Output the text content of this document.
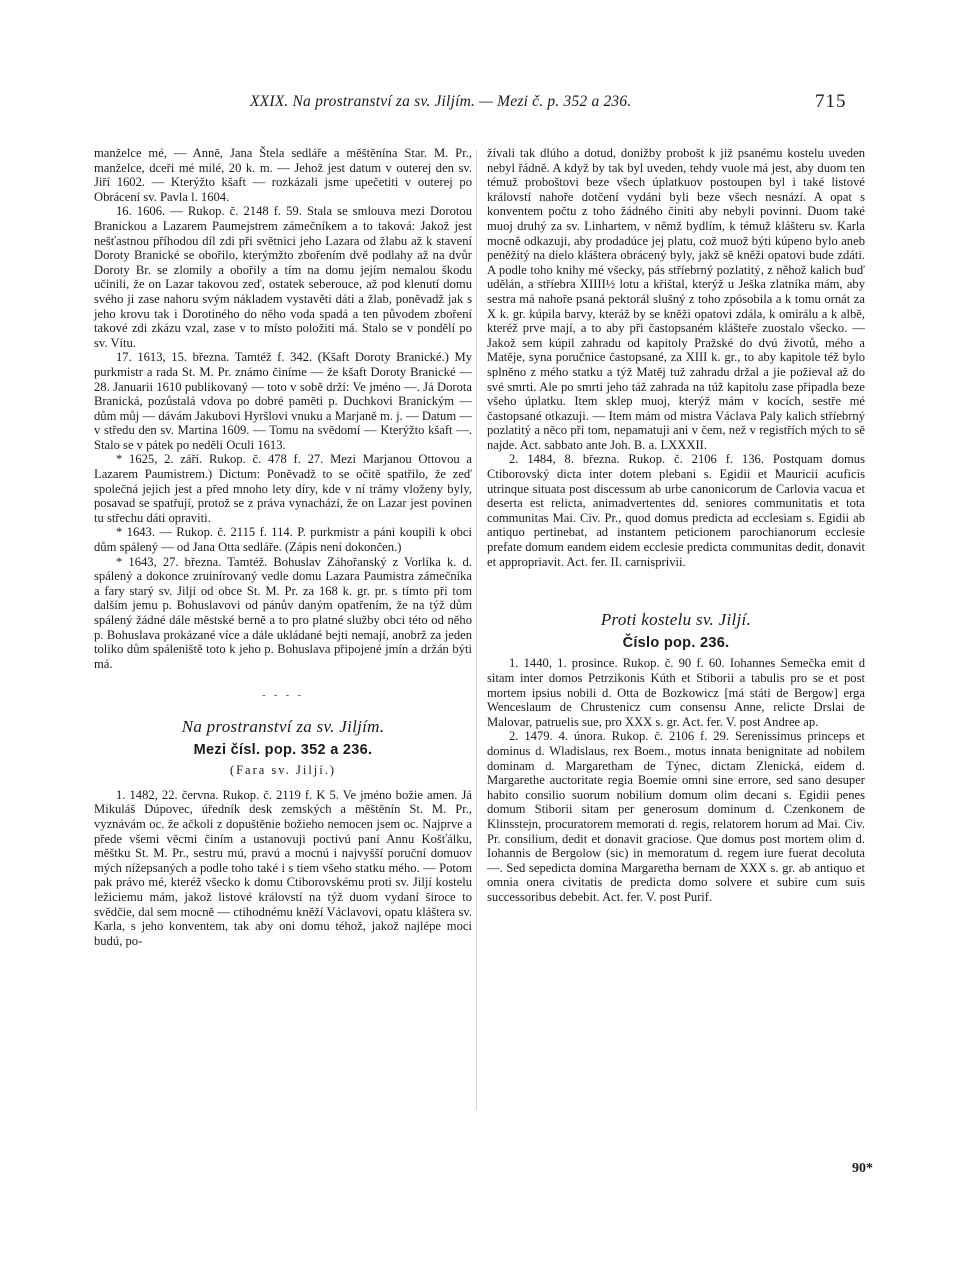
XXIX. Na prostranství za sv. Jiljím. — Mezi č. p. 352 a 236.	715

manželce mé, — Anně, Jana Štela sedláře a měštěnína Star. M. Pr., manželce, dceři mé milé, 20 k. m. — Jehož jest datum v outerej den sv. Jiří 1602. — Kterýžto kšaft — rozkázali jsme upečetiti v outerej po Obrácení sv. Pavla l. 1604.

16. 1606. — Rukop. č. 2148 f. 59. Stala se smlouva mezi Dorotou Branickou a Lazarem Paumejstrem zámečníkem a to taková: Jakož jest nešťastnou příhodou díl zdi při světnici jeho Lazara od žlabu až k stavení Doroty Branické se obořilo, kterýmžto zbořením dvě podlahy až na dvůr Doroty Br. se zlomily a obořily a tím na domu jejím nemalou škodu učinili, že on Lazar takovou zeď, ostatek seberouce, až pod klenutí domu svého ji zase nahoru svým nákladem vystavěti dáti a žlab, poněvadž jak s jeho krovu tak i Dorotiného do něho voda spadá a ten původem zboření takové zdi zkázu vzal, zase v to místo položiti má. Stalo se v pondělí po sv. Vítu.

17. 1613, 15. března. Tamtéž f. 342. (Kšaft Doroty Branické.) My purkmistr a rada St. M. Pr. známo činíme — že kšaft Doroty Branické — 28. Januarii 1610 publikovaný — toto v sobě drží: Ve jméno —. Já Dorota Branická, pozůstalá vdova po dobré paměti p. Duchkovi Branickým — dům můj — dávám Jakubovi Hyršlovi vnuku a Marjaně m. j. — Datum — v středu den sv. Martina 1609. — Tomu na svědomí — Kterýžto kšaft —. Stalo se v pátek po neděli Oculi 1613.

* 1625, 2. září. Rukop. č. 478 f. 27. Mezi Marjanou Ottovou a Lazarem Paumistrem.) Dictum: Poněvadž to se očitě spatřilo, že zeď společná jejich jest a před mnoho lety díry, kde v ní trámy vloženy byly, posavad se spatřují, protož se z práva vynachází, že on Lazar jest povinen tu střechu dáti opraviti.

* 1643. — Rukop. č. 2115 f. 114. P. purkmistr a páni koupili k obci dům spálený — od Jana Otta sedláře. (Zápis není dokončen.)

* 1643, 27. března. Tamtéž. Bohuslav Záhořanský z Vorlíka k. d. spálený a dokonce zruinírovaný vedle domu Lazara Paumistra zámečníka a fary starý sv. Jiljí od obce St. M. Pr. za 168 k. gr. pr. s tímto při tom dalším jemu p. Bohuslavovi od pánův daným opatřením, že na týž dům spálený žádné dále městské berně a to pro platné služby obci této od něho p. Bohuslava prokázané více a dále ukládané bejti nemají, anobrž za jeden toliko dům spáleniště toto k jeho p. Bohuslava připojené jmín a držán býti má.

- - - -
Na prostranství za sv. Jiljím.
Mezi čísl. pop. 352 a 236.
(Fara sv. Jiljí.)

1. 1482, 22. června. Rukop. č. 2119 f. K 5. Ve jméno božie amen. Já Mikuláš Dúpovec, úředník desk zemských a měštěnín St. M. Pr., vyznávám oc. že ačkoli z dopuštěnie božieho nemocen jsem oc. Najprve a přede všemi věcmi činím a ustanovuji poctivú paní Annu Košťálku, měštku St. M. Pr., sestru mú, pravú a mocnú i najvyšší poruční domuov mých nížepsaných a podle toho také i s tiem všeho statku mého. — Potom pak právo mé, kteréž všecko k domu Ctiborovskému proti sv. Jiljí kostelu ležiciemu mám, jakož listové královstí na týž duom vydaní široce to svědčie, dal sem mocně — ctihodnému kněží Václavovi, opatu kláštera sv. Karla, s jeho konventem, tak aby oni domu téhož, jakož najlépe moci budú, po-

žívali tak dlúho a dotud, donižby probošt k již psanému kostelu uveden nebyl řádně. A když by tak byl uveden, tehdy vuole má jest, aby duom ten témuž proboštovi beze všech úplatkuov postoupen byl i také listové královstí nahoře dotčení vydáni byli beze všech nesnází. A opat s konventem počtu z toho žádného činiti aby nebyli povinni. Duom také muoj druhý za sv. Linhartem, v němž bydlím, k témuž klášteru sv. Karla mocně odkazuji, aby prodadúce jej platu, což muož býti kúpeno bylo aneb peněžitý na dielo kláštera obrácený byly, jakž sě kněži opatovi bude zdáti. A podle toho knihy mé všecky, pás stříebrný pozlatitý, z něhož kalich buď udělán, a stříebra XIIII½ lotu a křištal, kterýž u Ješka zlatníka mám, aby sestra má nahoře psaná pektorál slušný z toho zpósobila a k tomu ornát za X k. gr. kúpila barvy, kteráž by se kněži opatovi zdála, k omirálu a k albě, kteréž prve mají, a to aby při častopsaném klášteře zuostalo všecko. — Jakož sem kúpil zahradu od kapitoly Pražské do dvú životů, mého a Matěje, syna poručnice častopsané, za XIII k. gr., to aby kapitole též bylo splněno z mého statku a týž Matěj tuž zahradu držal a jie požieval až do své smrti. Ale po smrti jeho táž zahrada na túž kapitolu zase připadla beze všeho úplatku. Item sklep muoj, kterýž mám v kocích, sestře mé častopsané otkazuji. — Item mám od mistra Václava Paly kalich stříebrný pozlatitý a něco při tom, nepamatuji ani v čem, než v registřích mých to sě najde. Act. sabbato ante Joh. B. a. LXXXII.

2. 1484, 8. března. Rukop. č. 2106 f. 136. Postquam domus Ctiborovský dicta inter dotem plebani s. Egidii et Mauricii acuficis utrinque situata post discessum ab urbe canonicorum de Carlovia vacua et deserta est relicta, animadvertentes dd. seniores communitatis et tota communitas Mai. Civ. Pr., quod domus predicta ad ecclesiam s. Egidii ab antiquo pertinebat, ad instantem peticionem parochianorum ecclesie prefate domum eandem eidem ecclesie predicta communitas dedit, donavit et appropriavit. Act. fer. II. carnisprivii.

Proti kostelu sv. Jiljí.
Číslo pop. 236.

1. 1440, 1. prosince. Rukop. č. 90 f. 60. Iohannes Semečka emit d sitam inter domos Petrzikonis Kúth et Stiborii a tabulis pro se et post mortem ipsius nobili d. Otta de Bozkowicz [má státi de Bergow] erga Wenceslaum de Chrustenicz cum consensu Anne, relicte Drslai de Malovar, patruelis sue, pro XXX s. gr. Act. fer. V. post Andree ap.

2. 1479. 4. února. Rukop. č. 2106 f. 29. Serenissimus princeps et dominus d. Wladislaus, rex Boem., motus innata benignitate ad nobilem dominam d. Margaretham de Týnec, dictam Zlenická, eidem d. Margarethe auctoritate regia Boemie omni sine errore, sed sano desuper habito consilio suorum nobilium domum olim decani s. Egidii penes domum Stiborii sitam per generosum dominum d. Czenkonem de Klinsstejn, procuratorem memorati d. regis, relatorem horum ad Mai. Civ. Pr. consilium, dedit et donavit graciose. Que domus post mortem olim d. Iohannis de Bergolow (sic) in memoratum d. regem iure fuerat decoluta —. Sed sepedicta domina Margaretha bernam de XXX s. gr. ab antiquo et omnia onera civitatis de predicta domo solvere et subire cum suis successoribus debebit. Act. fer. V. post Purif.

90*
